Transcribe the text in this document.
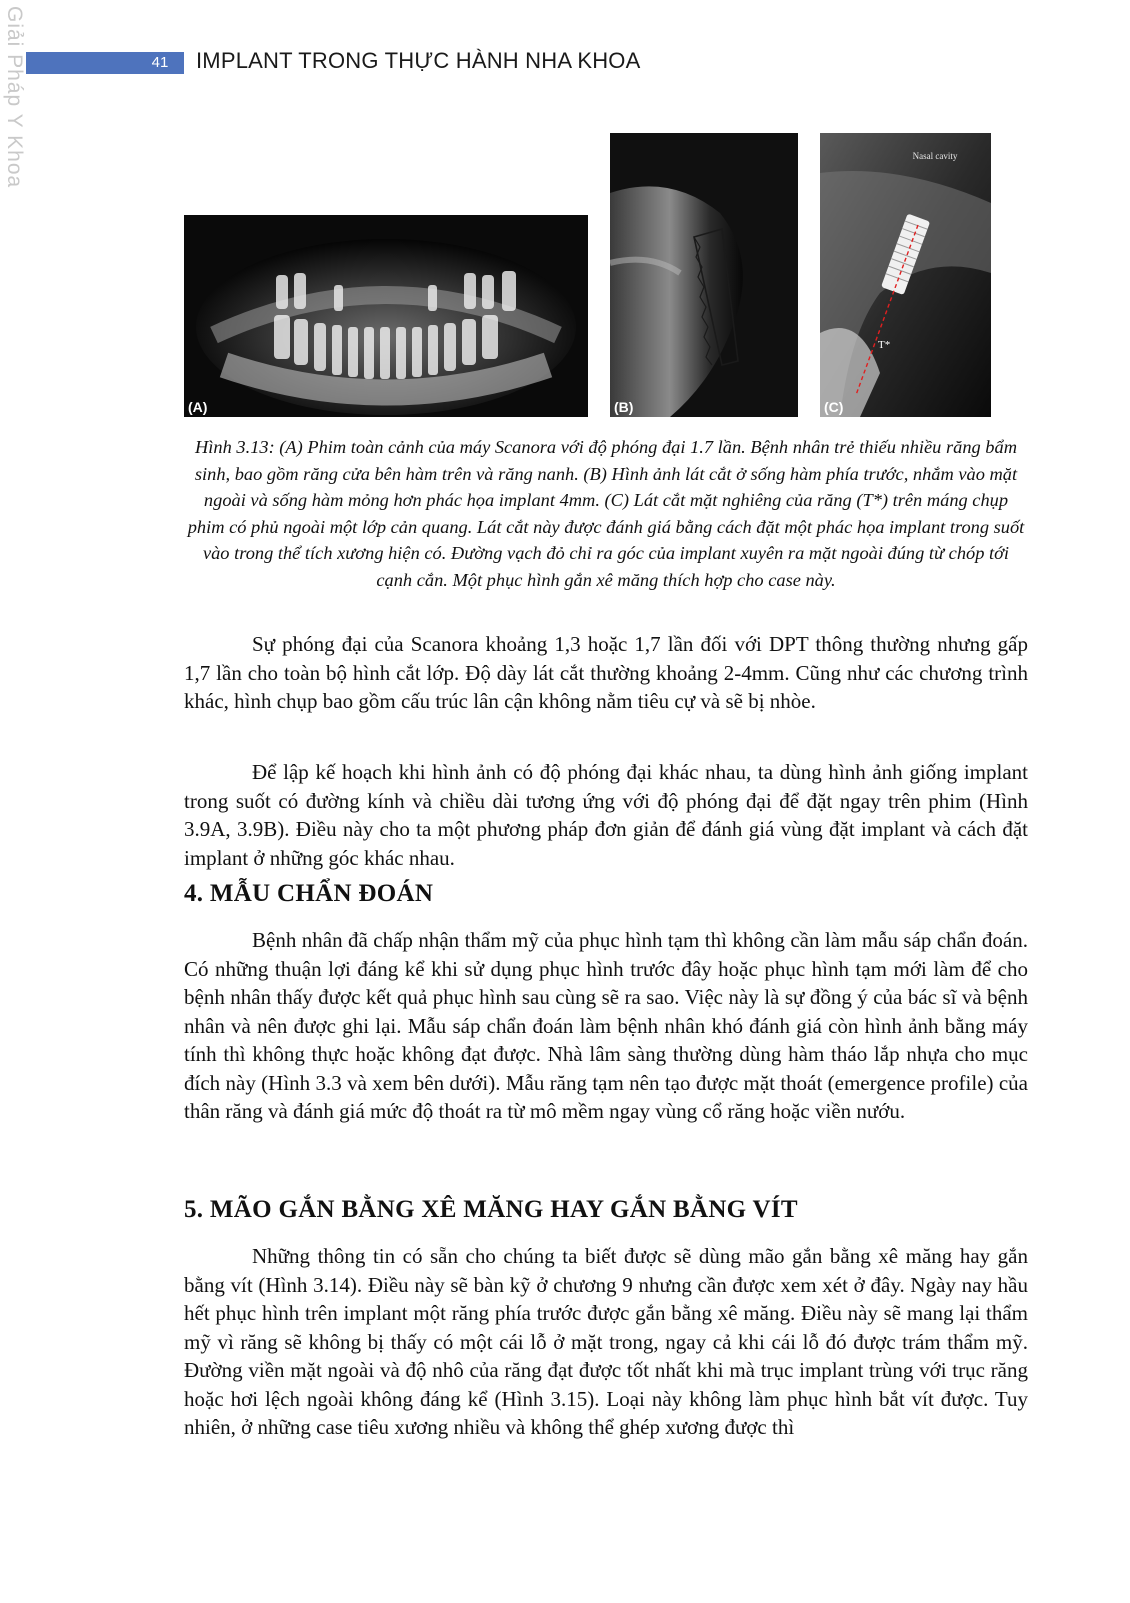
Giải Pháp Y Khoa	41	IMPLANT TRONG THỰC HÀNH NHA KHOA
(A)	(B)
Nasal cavity
T*
(C)

Hình 3.13: (A) Phim toàn cảnh của máy Scanora với độ phóng đại 1.7 lần. Bệnh nhân trẻ thiếu nhiều răng bẩm sinh, bao gồm răng cửa bên hàm trên và răng nanh. (B) Hình ảnh lát cắt ở sống hàm phía trước, nhắm vào mặt ngoài và sống hàm mỏng hơn phác họa implant 4mm. (C) Lát cắt mặt nghiêng của răng (T*) trên máng chụp phim có phủ ngoài một lớp cản quang. Lát cắt này được đánh giá bằng cách đặt một phác họa implant trong suốt vào trong thể tích xương hiện có. Đường vạch đỏ chỉ ra góc của implant xuyên ra mặt ngoài đúng từ chóp tới cạnh cắn. Một phục hình gắn xê măng thích hợp cho case này.

Sự phóng đại của Scanora khoảng 1,3 hoặc 1,7 lần đối với DPT thông thường nhưng gấp 1,7 lần cho toàn bộ hình cắt lớp. Độ dày lát cắt thường khoảng 2-4mm. Cũng như các chương trình khác, hình chụp bao gồm cấu trúc lân cận không nằm tiêu cự và sẽ bị nhòe.

Để lập kế hoạch khi hình ảnh có độ phóng đại khác nhau, ta dùng hình ảnh giống implant trong suốt có đường kính và chiều dài tương ứng với độ phóng đại để đặt ngay trên phim (Hình 3.9A, 3.9B). Điều này cho ta một phương pháp đơn giản để đánh giá vùng đặt implant và cách đặt implant ở những góc khác nhau.

4. MẪU CHẨN ĐOÁN

Bệnh nhân đã chấp nhận thẩm mỹ của phục hình tạm thì không cần làm mẫu sáp chẩn đoán. Có những thuận lợi đáng kể khi sử dụng phục hình trước đây hoặc phục hình tạm mới làm để cho bệnh nhân thấy được kết quả phục hình sau cùng sẽ ra sao. Việc này là sự đồng ý của bác sĩ và bệnh nhân và nên được ghi lại. Mẫu sáp chẩn đoán làm bệnh nhân khó đánh giá còn hình ảnh bằng máy tính thì không thực hoặc không đạt được. Nhà lâm sàng thường dùng hàm tháo lắp nhựa cho mục đích này (Hình 3.3 và xem bên dưới). Mẫu răng tạm nên tạo được mặt thoát (emergence profile) của thân răng và đánh giá mức độ thoát ra từ mô mềm ngay vùng cổ răng hoặc viền nướu.

5. MÃO GẮN BẰNG XÊ MĂNG HAY GẮN BẰNG VÍT

Những thông tin có sẵn cho chúng ta biết được sẽ dùng mão gắn bằng xê măng hay gắn bằng vít (Hình 3.14). Điều này sẽ bàn kỹ ở chương 9 nhưng cần được xem xét ở đây. Ngày nay hầu hết phục hình trên implant một răng phía trước được gắn bằng xê măng. Điều này sẽ mang lại thẩm mỹ vì răng sẽ không bị thấy có một cái lỗ ở mặt trong, ngay cả khi cái lỗ đó được trám thẩm mỹ. Đường viền mặt ngoài và độ nhô của răng đạt được tốt nhất khi mà trục implant trùng với trục răng hoặc hơi lệch ngoài không đáng kể (Hình 3.15). Loại này không làm phục hình bắt vít được. Tuy nhiên, ở những case tiêu xương nhiều và không thể ghép xương được thì
